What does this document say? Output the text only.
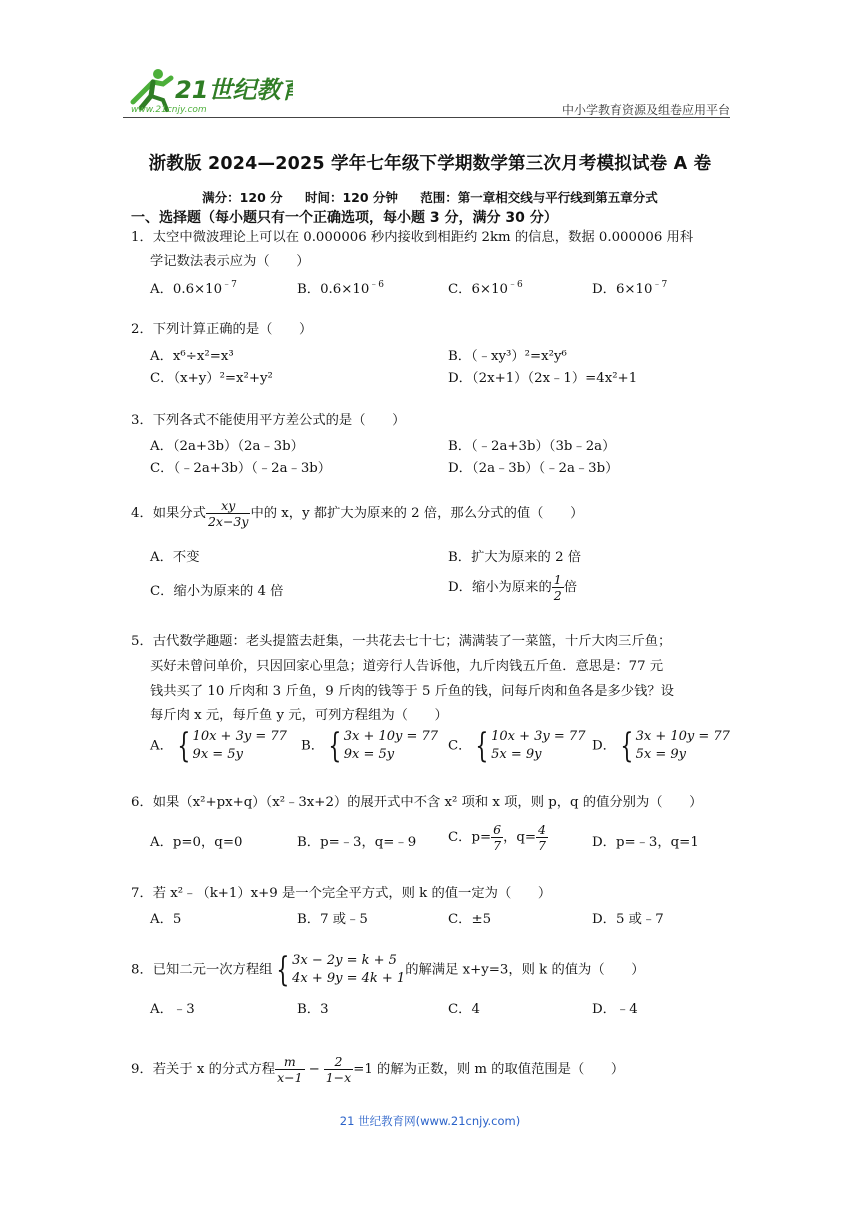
21世纪教育
www.21cnjy.com	中小学教育资源及组卷应用平台
浙教版 2024—2025 学年七年级下学期数学第三次月考模拟试卷 A 卷
满分：120 分 时间：120 分钟 范围：第一章相交线与平行线到第五章分式
一、选择题（每小题只有一个正确选项，每小题 3 分，满分 30 分）
1．太空中微波理论上可以在 0.000006 秒内接收到相距约 2km 的信息，数据 0.000006 用科
学记数法表示应为（　　）
A．$0.6\times 10^{﹣7}$	B．$0.6\times 10^{﹣6}$	C．$6\times 10^{﹣6}$	D．$6\times 10^{﹣7}$
2．下列计算正确的是（　　）
A．x⁶÷x²=x³	B．（﹣xy³）²=x²y⁶
C．（x+y）²=x²+y²	D．（2x+1）（2x﹣1）=4x²+1
3．下列各式不能使用平方差公式的是（　　）
A．（2a+3b）（2a﹣3b）	B．（﹣2a+3b）（3b﹣2a）
C．（﹣2a+3b）（﹣2a﹣3b）	D．（2a﹣3b）（﹣2a﹣3b）
4．如果分式 $\frac{xy}{2x-3y}$ 中的 x，y 都扩大为原来的 2 倍，那么分式的值（　　）
A．不变	B．扩大为原来的 2 倍
C．缩小为原来的 4 倍	D．缩小为原来的 $\frac{1}{2}$ 倍
5．古代数学趣题：老头提篮去赶集，一共花去七十七；满满装了一菜篮，十斤大肉三斤鱼；
买好未曾问单价，只因回家心里急；道旁行人告诉他，九斤肉钱五斤鱼．意思是：77 元
钱共买了 10 斤肉和 3 斤鱼，9 斤肉的钱等于 5 斤鱼的钱，问每斤肉和鱼各是多少钱？设
每斤肉 x 元，每斤鱼 y 元，可列方程组为（　　）
A． { 10x + 3y = 77
9x = 5y
B． { 3x + 10y = 77
9x = 5y
C． { 10x + 3y = 77
5x = 9y
D． { 3x + 10y = 77
5x = 9y
6．如果（x²+px+q）（x²﹣3x+2）的展开式中不含 x² 项和 x 项，则 p，q 的值分别为（　　）
A．p=0，q=0	B．p=﹣3，q=﹣9 C．$p= \frac{6}{7}$ ，$q= \frac{4}{7}$	D．p=﹣3，q=1
7．若 x²﹣（k+1）x+9 是一个完全平方式，则 k 的值一定为（　　）
A．5	B．7 或﹣5	C．±5	D．5 或﹣7
8．已知二元一次方程组 { 3x − 2y = k + 5
4x + 9y = 4k + 1
的解满足 x+y=3，则 k 的值为（　　）
A．﹣3	B．3	C．4	D．﹣4
9．若关于 x 的分式方程 $\frac{m}{x-1} - \frac{2}{1-x} =1$ 的解为正数，则 m 的取值范围是（　　）
21 世纪教育网(www.21cnjy.com)
